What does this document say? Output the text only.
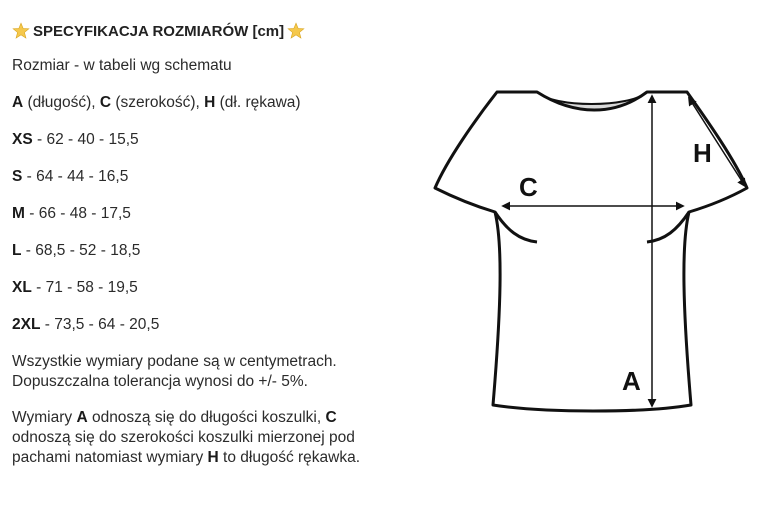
SPECYFIKACJA ROZMIARÓW [cm]
Rozmiar - w tabeli wg schematu
A (długość), C (szerokość), H (dł. rękawa)
XS - 62 - 40 - 15,5
S - 64 - 44 - 16,5
M - 66 - 48 - 17,5
L - 68,5 - 52 - 18,5
XL - 71 - 58 - 19,5
2XL - 73,5 - 64 - 20,5
Wszystkie wymiary podane są w centymetrach.
Dopuszczalna tolerancja wynosi do +/- 5%.
Wymiary A odnoszą się do długości koszulki, C odnoszą się do szerokości koszulki mierzonej pod pachami natomiast wymiary H to długość rękawka.
C
A
H
